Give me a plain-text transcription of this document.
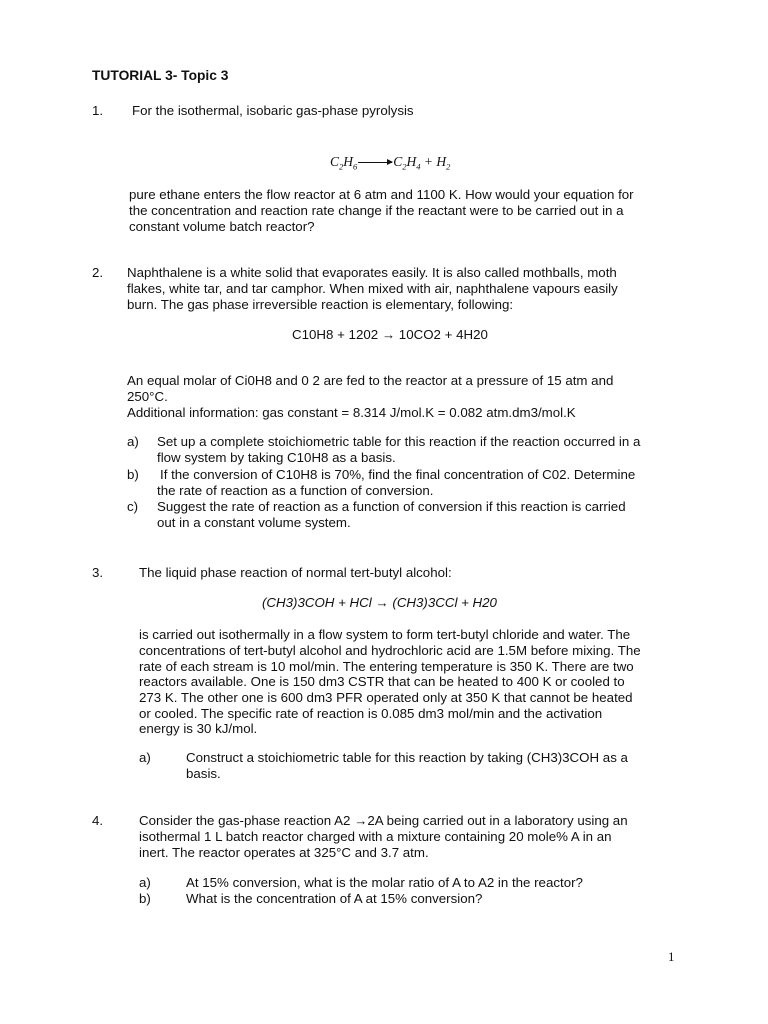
TUTORIAL 3- Topic 3
1. For the isothermal, isobaric gas-phase pyrolysis
$C_2H_6\to C_2H_4 + H_2$
pure ethane enters the flow reactor at 6 atm and 1100 K. How would your equation for
the concentration and reaction rate change if the reactant were to be carried out in a
constant volume batch reactor?
2. Naphthalene is a white solid that evaporates easily. It is also called mothballs, moth
flakes, white tar, and tar camphor. When mixed with air, naphthalene vapours easily
burn. The gas phase irreversible reaction is elementary, following:
C10H8 + 1202 → 10CO2 + 4H20
An equal molar of Ci0H8 and 0 2 are fed to the reactor at a pressure of 15 atm and
250°C.
Additional information: gas constant = 8.314 J/mol.K = 0.082 atm.dm3/mol.K
a) Set up a complete stoichiometric table for this reaction if the reaction occurred in a
flow system by taking C10H8 as a basis.
b) If the conversion of C10H8 is 70%, find the final concentration of C02. Determine
the rate of reaction as a function of conversion.
c) Suggest the rate of reaction as a function of conversion if this reaction is carried
out in a constant volume system.
3.	The liquid phase reaction of normal tert-butyl alcohol:
(CH3)3COH + HCl → (CH3)3CCl + H20
is carried out isothermally in a flow system to form tert-butyl chloride and water. The
concentrations of tert-butyl alcohol and hydrochloric acid are 1.5M before mixing. The
rate of each stream is 10 mol/min. The entering temperature is 350 K. There are two
reactors available. One is 150 dm3 CSTR that can be heated to 400 K or cooled to
273 K. The other one is 600 dm3 PFR operated only at 350 K that cannot be heated
or cooled. The specific rate of reaction is 0.085 dm3 mol/min and the activation
energy is 30 kJ/mol.
a)	Construct a stoichiometric table for this reaction by taking (CH3)3COH as a
basis.
4.	Consider the gas-phase reaction A2 →2A being carried out in a laboratory using an
isothermal 1 L batch reactor charged with a mixture containing 20 mole% A in an
inert. The reactor operates at 325°C and 3.7 atm.
a)	At 15% conversion, what is the molar ratio of A to A2 in the reactor?
b)	What is the concentration of A at 15% conversion?
1
